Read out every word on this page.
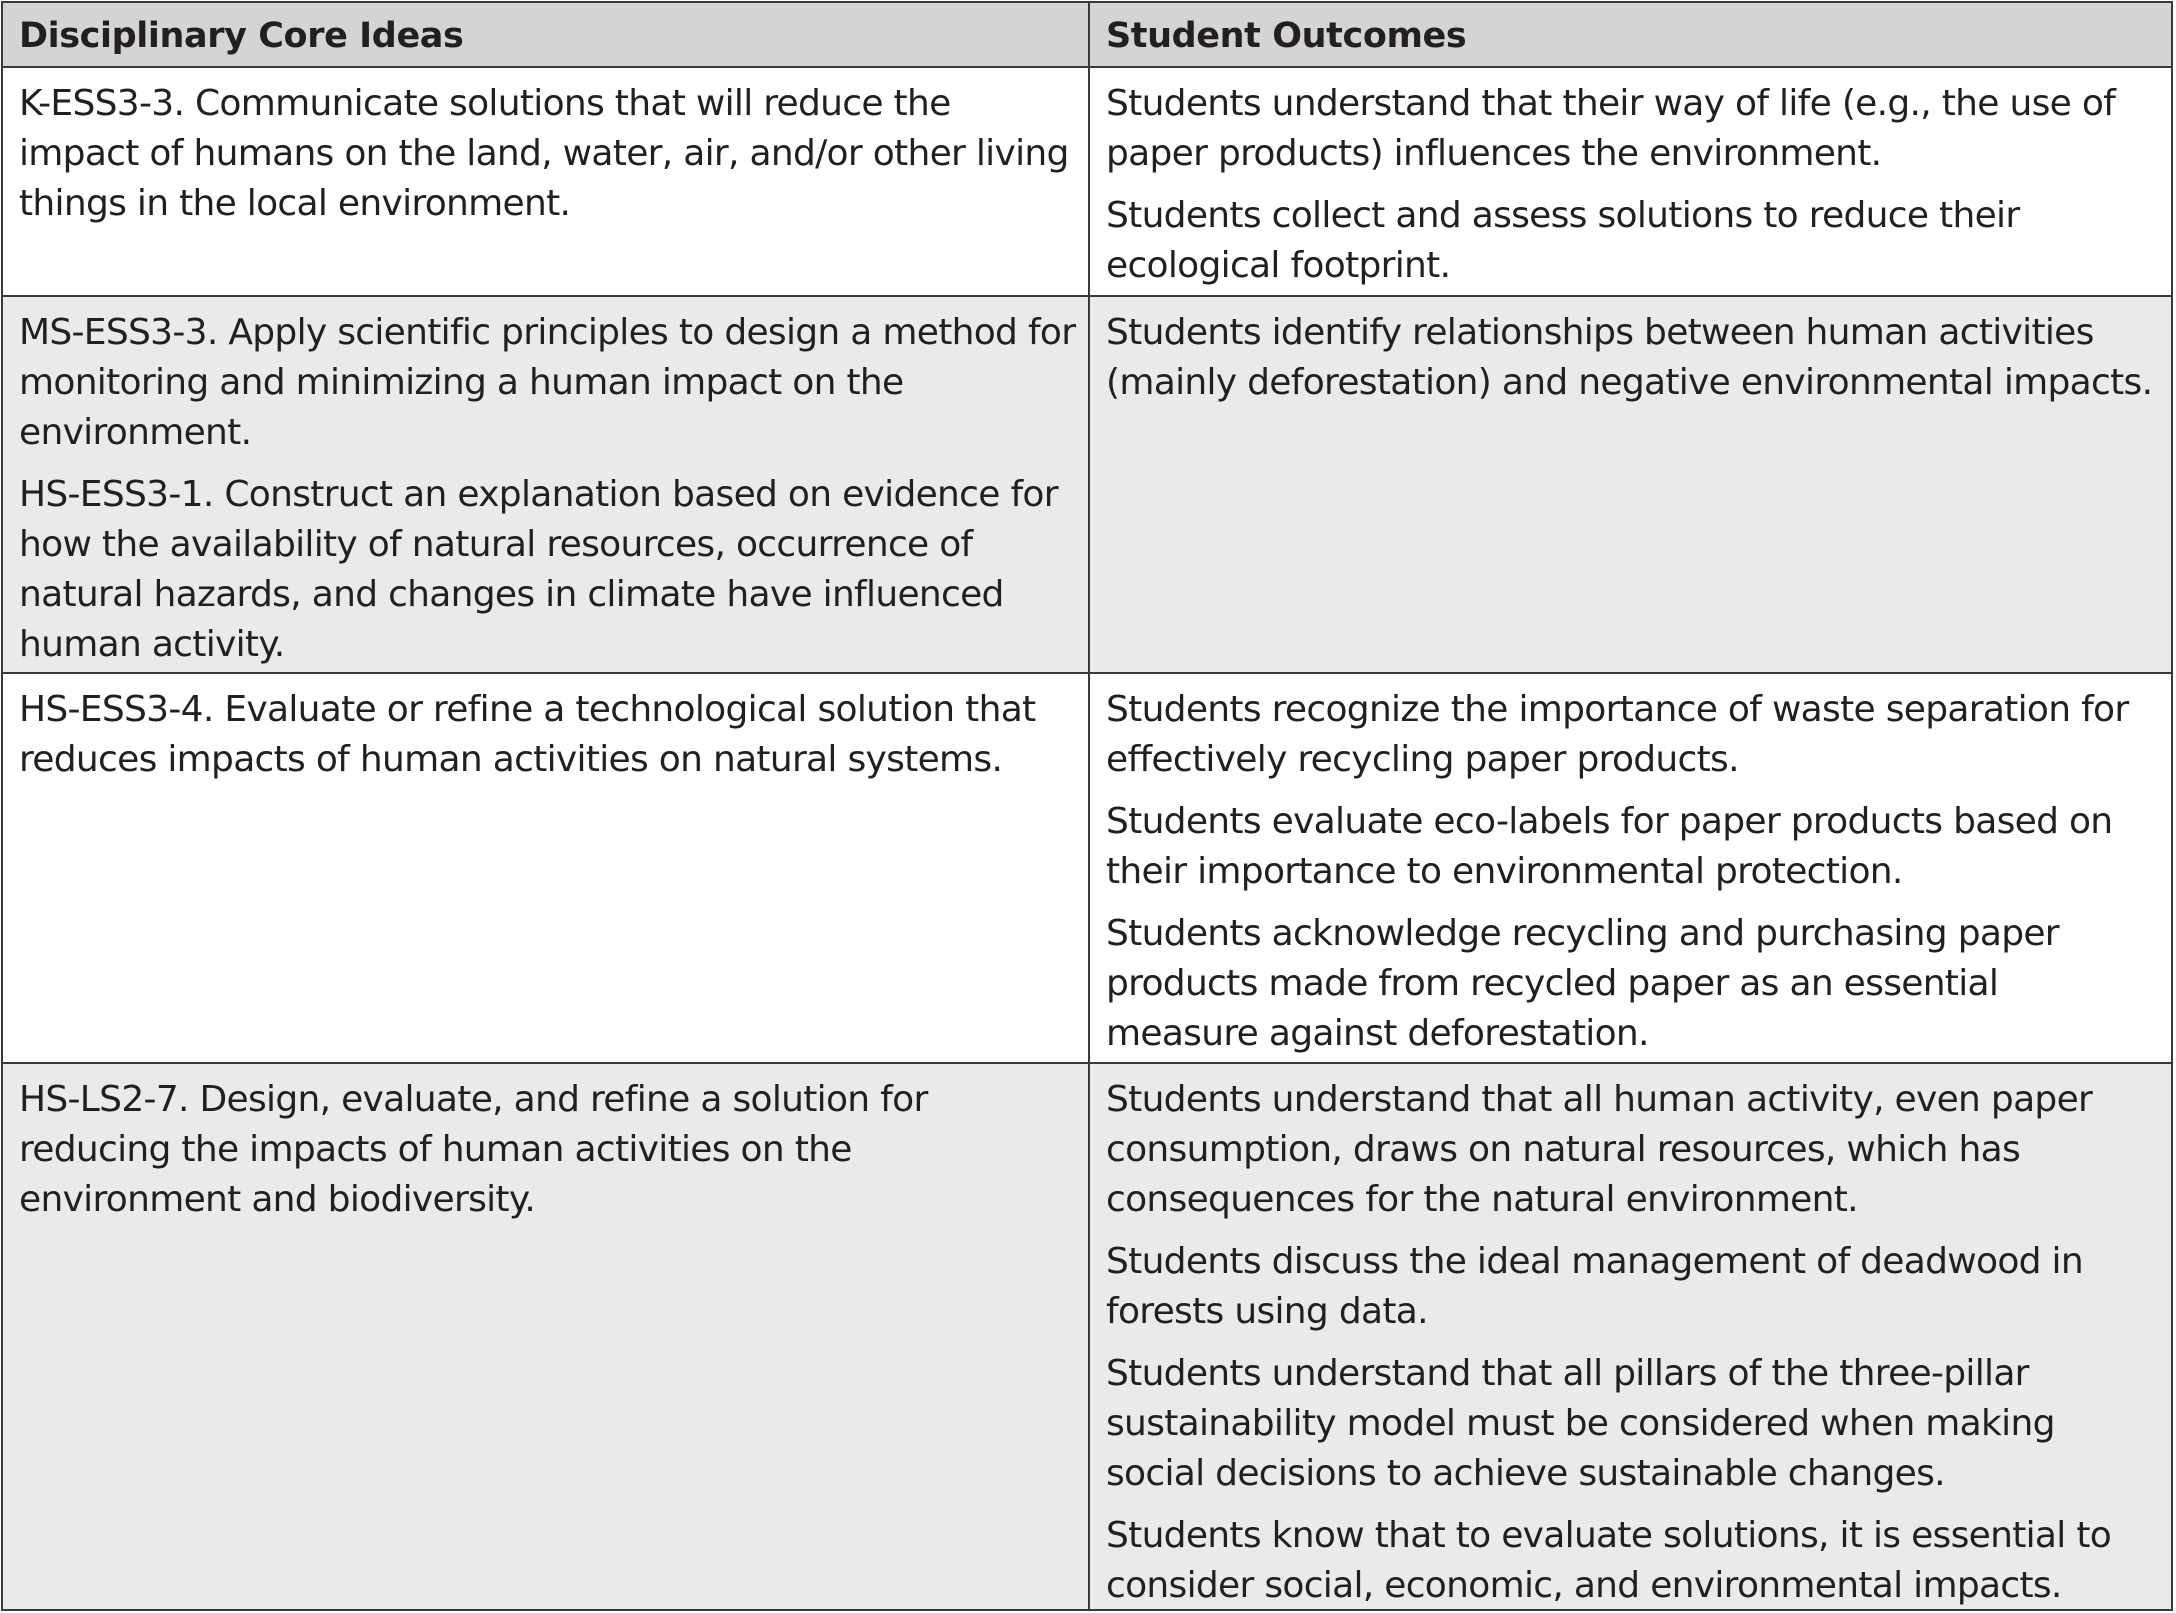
Disciplinary Core Ideas	Student Outcomes

K-ESS3-3. Communicate solutions that will reduce the impact of humans on the land, water, air, and/or other living things in the local environment.

Students understand that their way of life (e.g., the use of paper products) influences the environment.

Students collect and assess solutions to reduce their ecological footprint.

MS-ESS3-3. Apply scientific principles to design a method for monitoring and minimizing a human impact on the environment.

HS-ESS3-1. Construct an explanation based on evidence for how the availability of natural resources, occurrence of natural hazards, and changes in climate have influenced human activity.

Students identify relationships between human activities (mainly deforestation) and negative environmental impacts.

HS-ESS3-4. Evaluate or refine a technological solution that reduces impacts of human activities on natural systems.

Students recognize the importance of waste separation for effectively recycling paper products.

Students evaluate eco-labels for paper products based on their importance to environmental protection.

Students acknowledge recycling and purchasing paper products made from recycled paper as an essential measure against deforestation.

HS-LS2-7. Design, evaluate, and refine a solution for reducing the impacts of human activities on the environment and biodiversity.

Students understand that all human activity, even paper consumption, draws on natural resources, which has consequences for the natural environment.

Students discuss the ideal management of deadwood in forests using data.

Students understand that all pillars of the three-pillar sustainability model must be considered when making social decisions to achieve sustainable changes.

Students know that to evaluate solutions, it is essential to consider social, economic, and environmental impacts.
